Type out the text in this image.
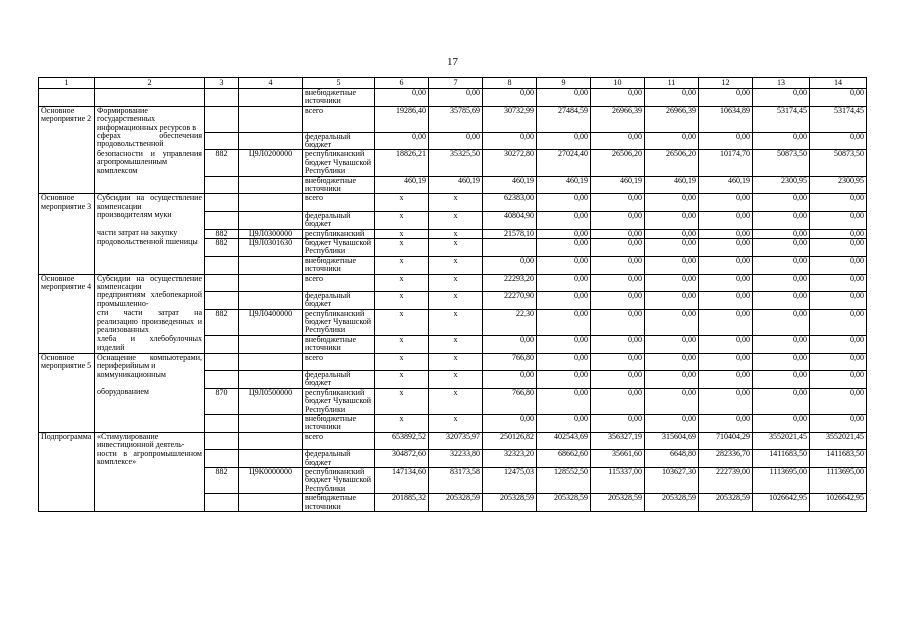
17
1	2	3	4	5	6	7	8	9	10	11	12	13	14
				внебюджетные источники	0,00	0,00	0,00	0,00	0,00	0,00	0,00	0,00	0,00
Основное мероприятие 2	Формирование государственных информационных ресурсов в			всего	19286,40	35785,69	30732,99	27484,59	26966,39	26966,39	10634,89	53174,45	53174,45
	сферах обеспечения продовольственной			федеральный бюджет	0,00	0,00	0,00	0,00	0,00	0,00	0,00	0,00	0,00
	безопасности и управления агропромышленным комплексом	882	Ц9Л0200000	республиканский бюджет Чувашской Республики	18826,21	35325,50	30272,80	27024,40	26506,20	26506,20	10174,70	50873,50	50873,50
				внебюджетные источники	460,19	460,19	460,19	460,19	460,19	460,19	460,19	2300,95	2300,95
Основное мероприятие 3	Субсидии на осуществление компенсации			всего	x	x	62383,00	0,00	0,00	0,00	0,00	0,00	0,00
	производителям муки			федеральный бюджет	x	x	40804,90	0,00	0,00	0,00	0,00	0,00	0,00
	части затрат на закупку	882	Ц9Л0300000	республиканский	x	x	21578,10	0,00	0,00	0,00	0,00	0,00	0,00
	продовольственной пшеницы	882	Ц9Л0301630	бюджет Чувашской Республики	x	x		0,00	0,00	0,00	0,00	0,00	0,00
				внебюджетные источники	x	x	0,00	0,00	0,00	0,00	0,00	0,00	0,00
Основное мероприятие 4	Субсидии на осуществление компенсации			всего	x	x	22293,20	0,00	0,00	0,00	0,00	0,00	0,00
	предприятиям хлебопекарной промышленно-			федеральный бюджет	x	x	22270,90	0,00	0,00	0,00	0,00	0,00	0,00
	сти части затрат на реализацию произведенных и реализованных	882	Ц9Л0400000	республиканский бюджет Чувашской Республики	x	x	22,30	0,00	0,00	0,00	0,00	0,00	0,00
	хлеба и хлебобулочных изделий			внебюджетные источники	x	x	0,00	0,00	0,00	0,00	0,00	0,00	0,00
Основное мероприятие 5	Оснащение компьютерами, периферийным и			всего	x	x	766,80	0,00	0,00	0,00	0,00	0,00	0,00
	коммуникационным			федеральный бюджет	x	x	0,00	0,00	0,00	0,00	0,00	0,00	0,00
	оборудованием	870	Ц9Л0500000	республиканский бюджет Чувашской Республики	x	x	766,80	0,00	0,00	0,00	0,00	0,00	0,00
				внебюджетные источники	x	x	0,00	0,00	0,00	0,00	0,00	0,00	0,00
Подпрограмма	«Стимулирование инвестиционной деятель-			всего	653892,52	320735,97	250126,82	402543,69	356327,19	315604,69	710404,29	3552021,45	3552021,45
	ности в агропромышленном комплексе»			федеральный бюджет	304872,60	32233,80	32323,20	68662,60	35661,60	6648,80	282336,70	1411683,50	1411683,50
		882	Ц9К0000000	республиканский бюджет Чувашской Республики	147134,60	83173,58	12475,03	128552,50	115337,00	103627,30	222739,00	1113695,00	1113695,00
				внебюджетные источники	201885,32	205328,59	205328,59	205328,59	205328,59	205328,59	205328,59	1026642,95	1026642,95
